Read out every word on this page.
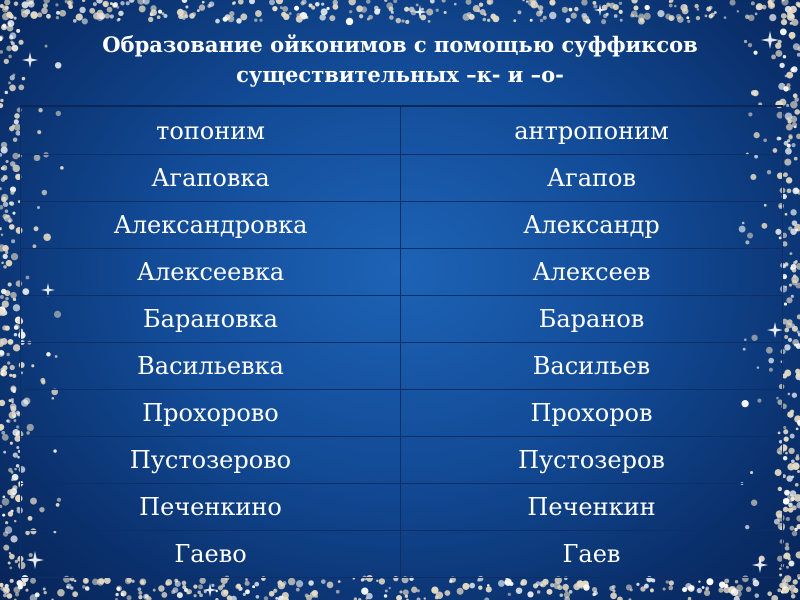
Образование ойконимов с помощью суффиксов
существительных –к- и –о-
топоним	антропоним
Агаповка	Агапов
Александровка	Александр
Алексеевка	Алексеев
Барановка	Баранов
Васильевка	Васильев
Прохорово	Прохоров
Пустозерово	Пустозеров
Печенкино	Печенкин
Гаево	Гаев
